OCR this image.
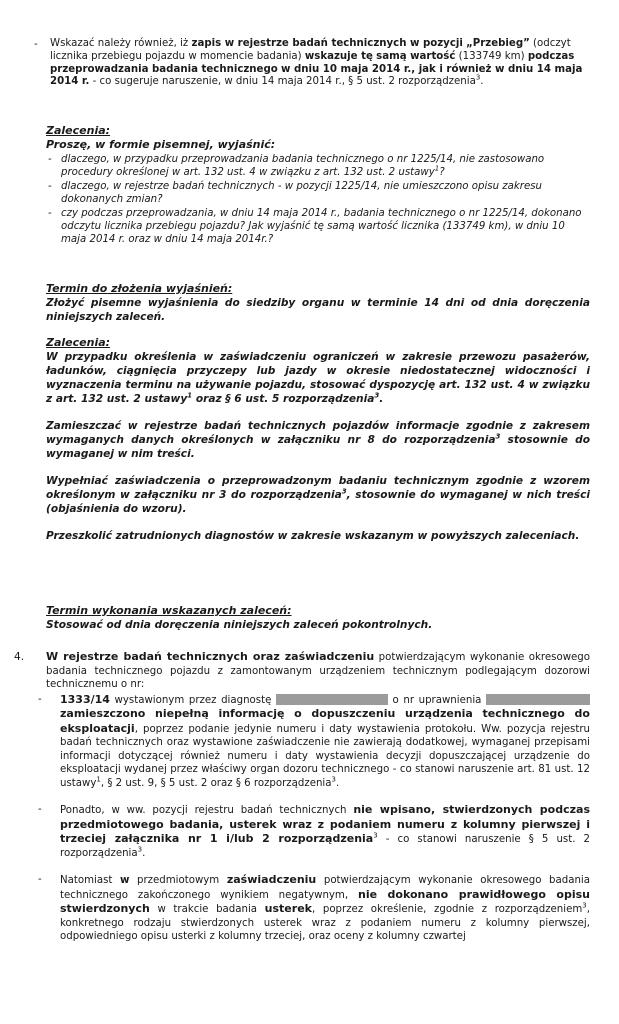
- Wskazać należy również, iż zapis w rejestrze badań technicznych w pozycji „Przebieg” (odczyt licznika przebiegu pojazdu w momencie badania) wskazuje tę samą wartość (133749 km) podczas przeprowadzania badania technicznego w dniu 10 maja 2014 r., jak i również w dniu 14 maja 2014 r. - co sugeruje naruszenie, w dniu 14 maja 2014 r., § 5 ust. 2 rozporządzenia$^3$.

Zalecenia:
Proszę, w formie pisemnej, wyjaśnić:
- dlaczego, w przypadku przeprowadzania badania technicznego o nr 1225/14, nie zastosowano procedury określonej w art. 132 ust. 4 w związku z art. 132 ust. 2 ustawy$^1$?
- dlaczego, w rejestrze badań technicznych - w pozycji 1225/14, nie umieszczono opisu zakresu dokonanych zmian?
- czy podczas przeprowadzania, w dniu 14 maja 2014 r., badania technicznego o nr 1225/14, dokonano odczytu licznika przebiegu pojazdu? Jak wyjaśnić tę samą wartość licznika (133749 km), w dniu 10 maja 2014 r. oraz w dniu 14 maja 2014r.?
Termin do złożenia wyjaśnień:

Złożyć pisemne wyjaśnienia do siedziby organu w terminie 14 dni od dnia doręczenia niniejszych zaleceń.

Zalecenia:

W przypadku określenia w zaświadczeniu ograniczeń w zakresie przewozu pasażerów, ładunków, ciągnięcia przyczepy lub jazdy w okresie niedostatecznej widoczności i wyznaczenia terminu na używanie pojazdu, stosować dyspozycję art. 132 ust. 4 w związku z art. 132 ust. 2 ustawy$^1$ oraz § 6 ust. 5 rozporządzenia$^3$.

Zamieszczać w rejestrze badań technicznych pojazdów informacje zgodnie z zakresem wymaganych danych określonych w załączniku nr 8 do rozporządzenia$^3$ stosownie do wymaganej w nim treści.

Wypełniać zaświadczenia o przeprowadzonym badaniu technicznym zgodnie z wzorem określonym w załączniku nr 3 do rozporządzenia$^3$, stosownie do wymaganej w nich treści (objaśnienia do wzoru).

Przeszkolić zatrudnionych diagnostów w zakresie wskazanym w powyższych zaleceniach.

Termin wykonania wskazanych zaleceń:

Stosować od dnia doręczenia niniejszych zaleceń pokontrolnych.

4. W rejestrze badań technicznych oraz zaświadczeniu potwierdzającym wykonanie okresowego badania technicznego pojazdu z zamontowanym urządzeniem technicznym podlegającym dozorowi technicznemu o nr:

- 1333/14 wystawionym przez diagnostę	o nr uprawnienia  zamieszczono niepełną informację o dopuszczeniu urządzenia technicznego do eksploatacji, poprzez podanie jedynie numeru i daty wystawienia protokołu. Ww. pozycja rejestru badań technicznych oraz wystawione zaświadczenie nie zawierają dodatkowej, wymaganej przepisami informacji dotyczącej również numeru i daty wystawienia decyzji dopuszczającej urządzenie do eksploatacji wydanej przez właściwy organ dozoru technicznego - co stanowi naruszenie art. 81 ust. 12 ustawy$^1$, § 2 ust. 9, § 5 ust. 2 oraz § 6 rozporządzenia$^3$.
- Ponadto, w ww. pozycji rejestru badań technicznych nie wpisano, stwierdzonych podczas przedmiotowego badania, usterek wraz z podaniem numeru z kolumny pierwszej i trzeciej załącznika nr 1 i/lub 2 rozporządzenia$^3$ - co stanowi naruszenie § 5 ust. 2 rozporządzenia$^3$.
- Natomiast w przedmiotowym zaświadczeniu potwierdzającym wykonanie okresowego badania technicznego zakończonego wynikiem negatywnym, nie dokonano prawidłowego opisu stwierdzonych w trakcie badania usterek, poprzez określenie, zgodnie z rozporządzeniem$^3$, konkretnego rodzaju stwierdzonych usterek wraz z podaniem numeru z kolumny pierwszej, odpowiedniego opisu usterki z kolumny trzeciej, oraz oceny z kolumny czwartej
